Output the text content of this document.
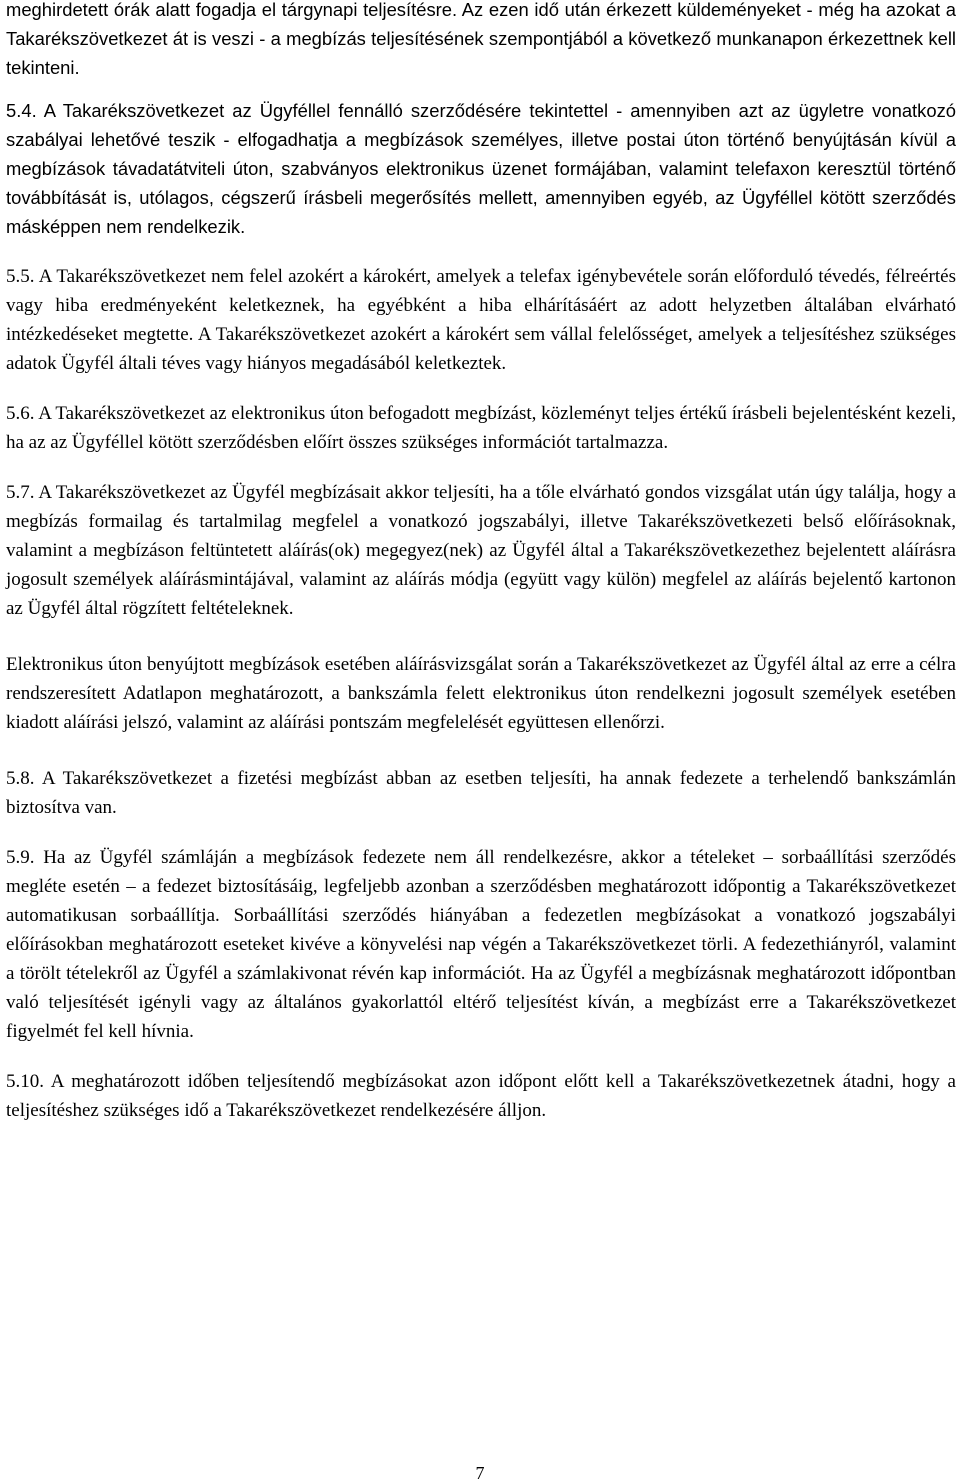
meghirdetett órák alatt fogadja el tárgynapi teljesítésre. Az ezen idő után érkezett küldeményeket - még ha azokat a Takarékszövetkezet át is veszi - a megbízás teljesítésének szempontjából a következő munkanapon érkezettnek kell tekinteni.

5.4. A Takarékszövetkezet az Ügyféllel fennálló szerződésére tekintettel - amennyiben azt az ügyletre vonatkozó szabályai lehetővé teszik - elfogadhatja a megbízások személyes, illetve postai úton történő benyújtásán kívül a megbízások távadatátviteli úton, szabványos elektronikus üzenet formájában, valamint telefaxon keresztül történő továbbítását is, utólagos, cégszerű írásbeli megerősítés mellett, amennyiben egyéb, az Ügyféllel kötött szerződés másképpen nem rendelkezik.

5.5. A Takarékszövetkezet nem felel azokért a károkért, amelyek a telefax igénybevétele során előforduló tévedés, félreértés vagy hiba eredményeként keletkeznek, ha egyébként a hiba elhárításáért az adott helyzetben általában elvárható intézkedéseket megtette. A Takarékszövetkezet azokért a károkért sem vállal felelősséget, amelyek a teljesítéshez szükséges adatok Ügyfél általi téves vagy hiányos megadásából keletkeztek.

5.6. A Takarékszövetkezet az elektronikus úton befogadott megbízást, közleményt teljes értékű írásbeli bejelentésként kezeli, ha az az Ügyféllel kötött szerződésben előírt összes szükséges információt tartalmazza.

5.7. A Takarékszövetkezet az Ügyfél megbízásait akkor teljesíti, ha a tőle elvárható gondos vizsgálat után úgy találja, hogy a megbízás formailag és tartalmilag megfelel a vonatkozó jogszabályi, illetve Takarékszövetkezeti belső előírásoknak, valamint a megbízáson feltüntetett aláírás(ok) megegyez(nek) az Ügyfél által a Takarékszövetkezethez bejelentett aláírásra jogosult személyek aláírásmintájával, valamint az aláírás módja (együtt vagy külön) megfelel az aláírás bejelentő kartonon az Ügyfél által rögzített feltételeknek.

Elektronikus úton benyújtott megbízások esetében aláírásvizsgálat során a Takarékszövetkezet az Ügyfél által az erre a célra rendszeresített Adatlapon meghatározott, a bankszámla felett elektronikus úton rendelkezni jogosult személyek esetében kiadott aláírási jelszó, valamint az aláírási pontszám megfelelését együttesen ellenőrzi.

5.8. A Takarékszövetkezet a fizetési megbízást abban az esetben teljesíti, ha annak fedezete a terhelendő bankszámlán biztosítva van.

5.9. Ha az Ügyfél számláján a megbízások fedezete nem áll rendelkezésre, akkor a tételeket – sorbaállítási szerződés megléte esetén – a fedezet biztosításáig, legfeljebb azonban a szerződésben meghatározott időpontig a Takarékszövetkezet automatikusan sorbaállítja. Sorbaállítási szerződés hiányában a fedezetlen megbízásokat a vonatkozó jogszabályi előírásokban meghatározott eseteket kivéve a könyvelési nap végén a Takarékszövetkezet törli. A fedezethiányról, valamint a törölt tételekről az Ügyfél a számlakivonat révén kap információt. Ha az Ügyfél a megbízásnak meghatározott időpontban való teljesítését igényli vagy az általános gyakorlattól eltérő teljesítést kíván, a megbízást erre a Takarékszövetkezet figyelmét fel kell hívnia.

5.10. A meghatározott időben teljesítendő megbízásokat azon időpont előtt kell a Takarékszövetkezetnek átadni, hogy a teljesítéshez szükséges idő a Takarékszövetkezet rendelkezésére álljon.

7
